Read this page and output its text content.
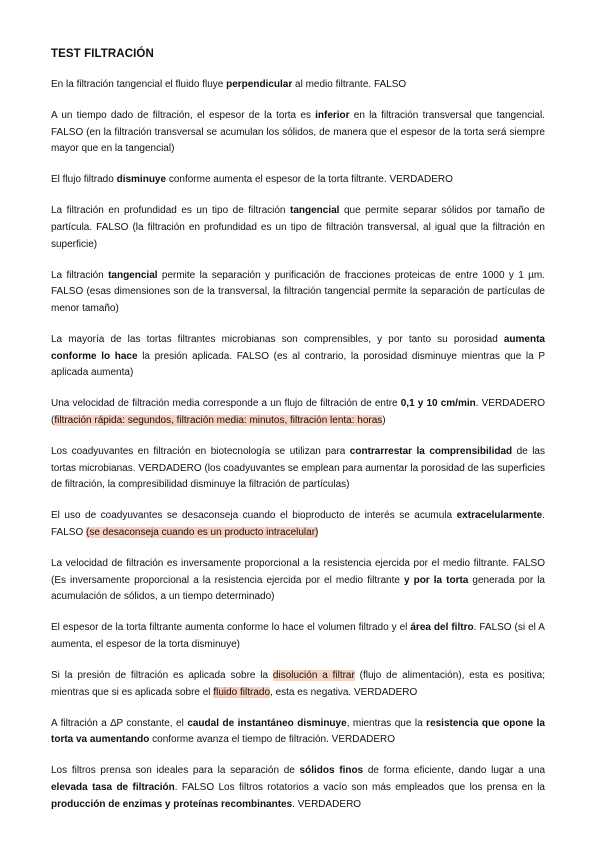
TEST FILTRACIÓN

En la filtración tangencial el fluido fluye perpendicular al medio filtrante. FALSO

A un tiempo dado de filtración, el espesor de la torta es inferior en la filtración transversal que tangencial. FALSO (en la filtración transversal se acumulan los sólidos, de manera que el espesor de la torta será siempre mayor que en la tangencial)

El flujo filtrado disminuye conforme aumenta el espesor de la torta filtrante. VERDADERO

La filtración en profundidad es un tipo de filtración tangencial que permite separar sólidos por tamaño de partícula. FALSO (la filtración en profundidad es un tipo de filtración transversal, al igual que la filtración en superficie)

La filtración tangencial permite la separación y purificación de fracciones proteicas de entre 1000 y 1 µm. FALSO (esas dimensiones son de la transversal, la filtración tangencial permite la separación de partículas de menor tamaño)

La mayoría de las tortas filtrantes microbianas son comprensibles, y por tanto su porosidad aumenta conforme lo hace la presión aplicada. FALSO (es al contrario, la porosidad disminuye mientras que la P aplicada aumenta)

Una velocidad de filtración media corresponde a un flujo de filtración de entre 0,1 y 10 cm/min. VERDADERO (filtración rápida: segundos, filtración media: minutos, filtración lenta: horas)

Los coadyuvantes en filtración en biotecnología se utilizan para contrarrestar la comprensibilidad de las tortas microbianas. VERDADERO (los coadyuvantes se emplean para aumentar la porosidad de las superficies de filtración, la compresibilidad disminuye la filtración de partículas)

El uso de coadyuvantes se desaconseja cuando el bioproducto de interés se acumula extracelularmente. FALSO (se desaconseja cuando es un producto intracelular)

La velocidad de filtración es inversamente proporcional a la resistencia ejercida por el medio filtrante. FALSO (Es inversamente proporcional a la resistencia ejercida por el medio filtrante y por la torta generada por la acumulación de sólidos, a un tiempo determinado)

El espesor de la torta filtrante aumenta conforme lo hace el volumen filtrado y el área del filtro. FALSO (si el A aumenta, el espesor de la torta disminuye)

Si la presión de filtración es aplicada sobre la disolución a filtrar (flujo de alimentación), esta es positiva; mientras que si es aplicada sobre el fluido filtrado, esta es negativa. VERDADERO

A filtración a ∆P constante, el caudal de instantáneo disminuye, mientras que la resistencia que opone la torta va aumentando conforme avanza el tiempo de filtración. VERDADERO

Los filtros prensa son ideales para la separación de sólidos finos de forma eficiente, dando lugar a una elevada tasa de filtración. FALSO Los filtros rotatorios a vacío son más empleados que los prensa en la producción de enzimas y proteínas recombinantes. VERDADERO
